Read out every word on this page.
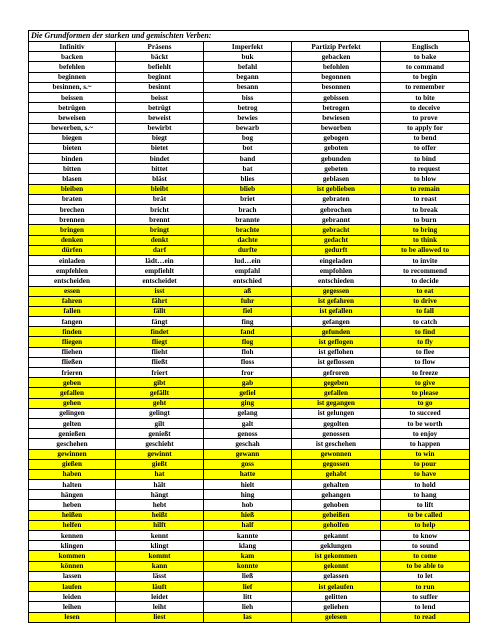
Die Grundformen der starken und gemischten Verben:
Infinitiv	Präsens	Imperfekt	Partizip Perfekt	Englisch
backen	bäckt	buk	gebacken	to bake
befehlen	befiehlt	befahl	befohlen	to command
beginnen	beginnt	begann	begonnen	to begin
besinnen, s.~	besinnt	besann	besonnen	to remember
beissen	beisst	biss	gebissen	to bite
betrügen	betrügt	betrog	betrogen	to deceive
beweisen	beweist	bewies	bewiesen	to prove
bewerben, s.~	bewirbt	bewarb	beworben	to apply for
biegen	biegt	bog	gebogen	to bend
bieten	bietet	bot	geboten	to offer
binden	bindet	band	gebunden	to bind
bitten	bittet	bat	gebeten	to request
blasen	bläst	blies	geblasen	to blow
bleiben	bleibt	blieb	ist geblieben	to remain
braten	brät	briet	gebraten	to roast
brechen	bricht	brach	gebrochen	to break
brennen	brennt	brannte	gebrannt	to burn
bringen	bringt	brachte	gebracht	to bring
denken	denkt	dachte	gedacht	to think
dürfen	darf	durfte	gedurft	to be allowed to
einladen	lädt…ein	lud…ein	eingeladen	to invite
empfehlen	empfiehlt	empfahl	empfohlen	to recommend
entscheiden	entscheidet	entschied	entschieden	to decide
essen	isst	aß	gegessen	to eat
fahren	fährt	fuhr	ist gefahren	to drive
fallen	fällt	fiel	ist gefallen	to fall
fangen	fängt	fing	gefangen	to catch
finden	findet	fand	gefunden	to find
fliegen	fliegt	flog	ist geflogen	to fly
fliehen	flieht	floh	ist geflohen	to flee
fließen	fließt	floss	ist geflossen	to flow
frieren	friert	fror	gefroren	to freeze
geben	gibt	gab	gegeben	to give
gefallen	gefällt	gefiel	gefallen	to please
gehen	geht	ging	ist gegangen	to go
gelingen	gelingt	gelang	ist gelungen	to succeed
gelten	gilt	galt	gegolten	to be worth
genießen	genießt	genoss	genossen	to enjoy
geschehen	geschieht	geschah	ist geschehen	to happen
gewinnen	gewinnt	gewann	gewonnen	to win
gießen	gießt	goss	gegossen	to pour
haben	hat	hatte	gehabt	to have
halten	hält	hielt	gehalten	to hold
hängen	hängt	hing	gehangen	to hang
heben	hebt	hob	gehoben	to lift
heißen	heißt	hieß	geheißen	to be called
helfen	hilft	half	geholfen	to help
kennen	kennt	kannte	gekannt	to know
klingen	klingt	klang	geklungen	to sound
kommen	kommt	kam	ist gekommen	to come
können	kann	konnte	gekonnt	to be able to
lassen	lässt	ließ	gelassen	to let
laufen	läuft	lief	ist gelaufen	to run
leiden	leidet	litt	gelitten	to suffer
leihen	leiht	lieh	geliehen	to lend
lesen	liest	las	gelesen	to read
